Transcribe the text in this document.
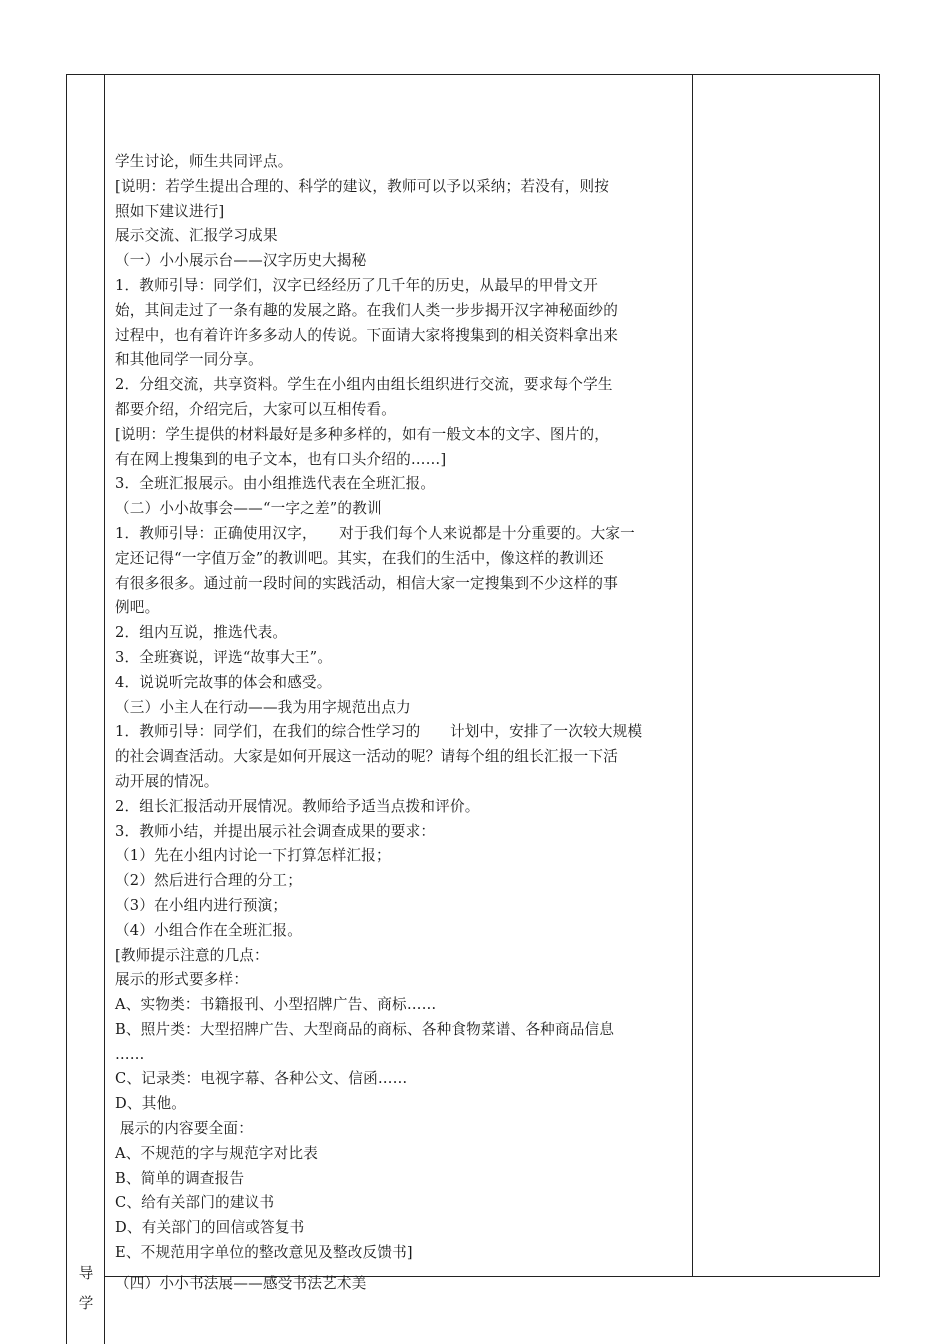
学生讨论，师生共同评点。

[说明：若学生提出合理的、科学的建议，教师可以予以采纳；若没有，则按

照如下建议进行]

展示交流、汇报学习成果

（一）小小展示台——汉字历史大揭秘

1．教师引导：同学们，汉字已经经历了几千年的历史，从最早的甲骨文开

始，其间走过了一条有趣的发展之路。在我们人类一步步揭开汉字神秘面纱的

过程中，也有着许许多多动人的传说。下面请大家将搜集到的相关资料拿出来

和其他同学一同分享。

2．分组交流，共享资料。学生在小组内由组长组织进行交流，要求每个学生

都要介绍，介绍完后，大家可以互相传看。

[说明：学生提供的材料最好是多种多样的，如有一般文本的文字、图片的，

有在网上搜集到的电子文本，也有口头介绍的……]

3．全班汇报展示。由小组推选代表在全班汇报。

（二）小小故事会——“一字之差”的教训

1．教师引导：正确使用汉字，　　对于我们每个人来说都是十分重要的。大家一

定还记得“一字值万金”的教训吧。其实，在我们的生活中，像这样的教训还

有很多很多。通过前一段时间的实践活动，相信大家一定搜集到不少这样的事

例吧。

2．组内互说，推选代表。

3．全班赛说，评选“故事大王”。

4．说说听完故事的体会和感受。

（三）小主人在行动——我为用字规范出点力

1．教师引导：同学们，在我们的综合性学习的　　计划中，安排了一次较大规模

的社会调查活动。大家是如何开展这一活动的呢？请每个组的组长汇报一下活

动开展的情况。

2．组长汇报活动开展情况。教师给予适当点拨和评价。

3．教师小结，并提出展示社会调查成果的要求：

（1）先在小组内讨论一下打算怎样汇报；

（2）然后进行合理的分工；

（3）在小组内进行预演；

（4）小组合作在全班汇报。

[教师提示注意的几点：

展示的形式要多样：

A、实物类：书籍报刊、小型招牌广告、商标……

B、照片类：大型招牌广告、大型商品的商标、各种食物菜谱、各种商品信息

……

C、记录类：电视字幕、各种公文、信函……

D、其他。

展示的内容要全面：

A、不规范的字与规范字对比表

B、简单的调查报告

C、给有关部门的建议书

D、有关部门的回信或答复书

E、不规范用字单位的整改意见及整改反馈书]

导
学
（四）小小书法展——感受书法艺术美
